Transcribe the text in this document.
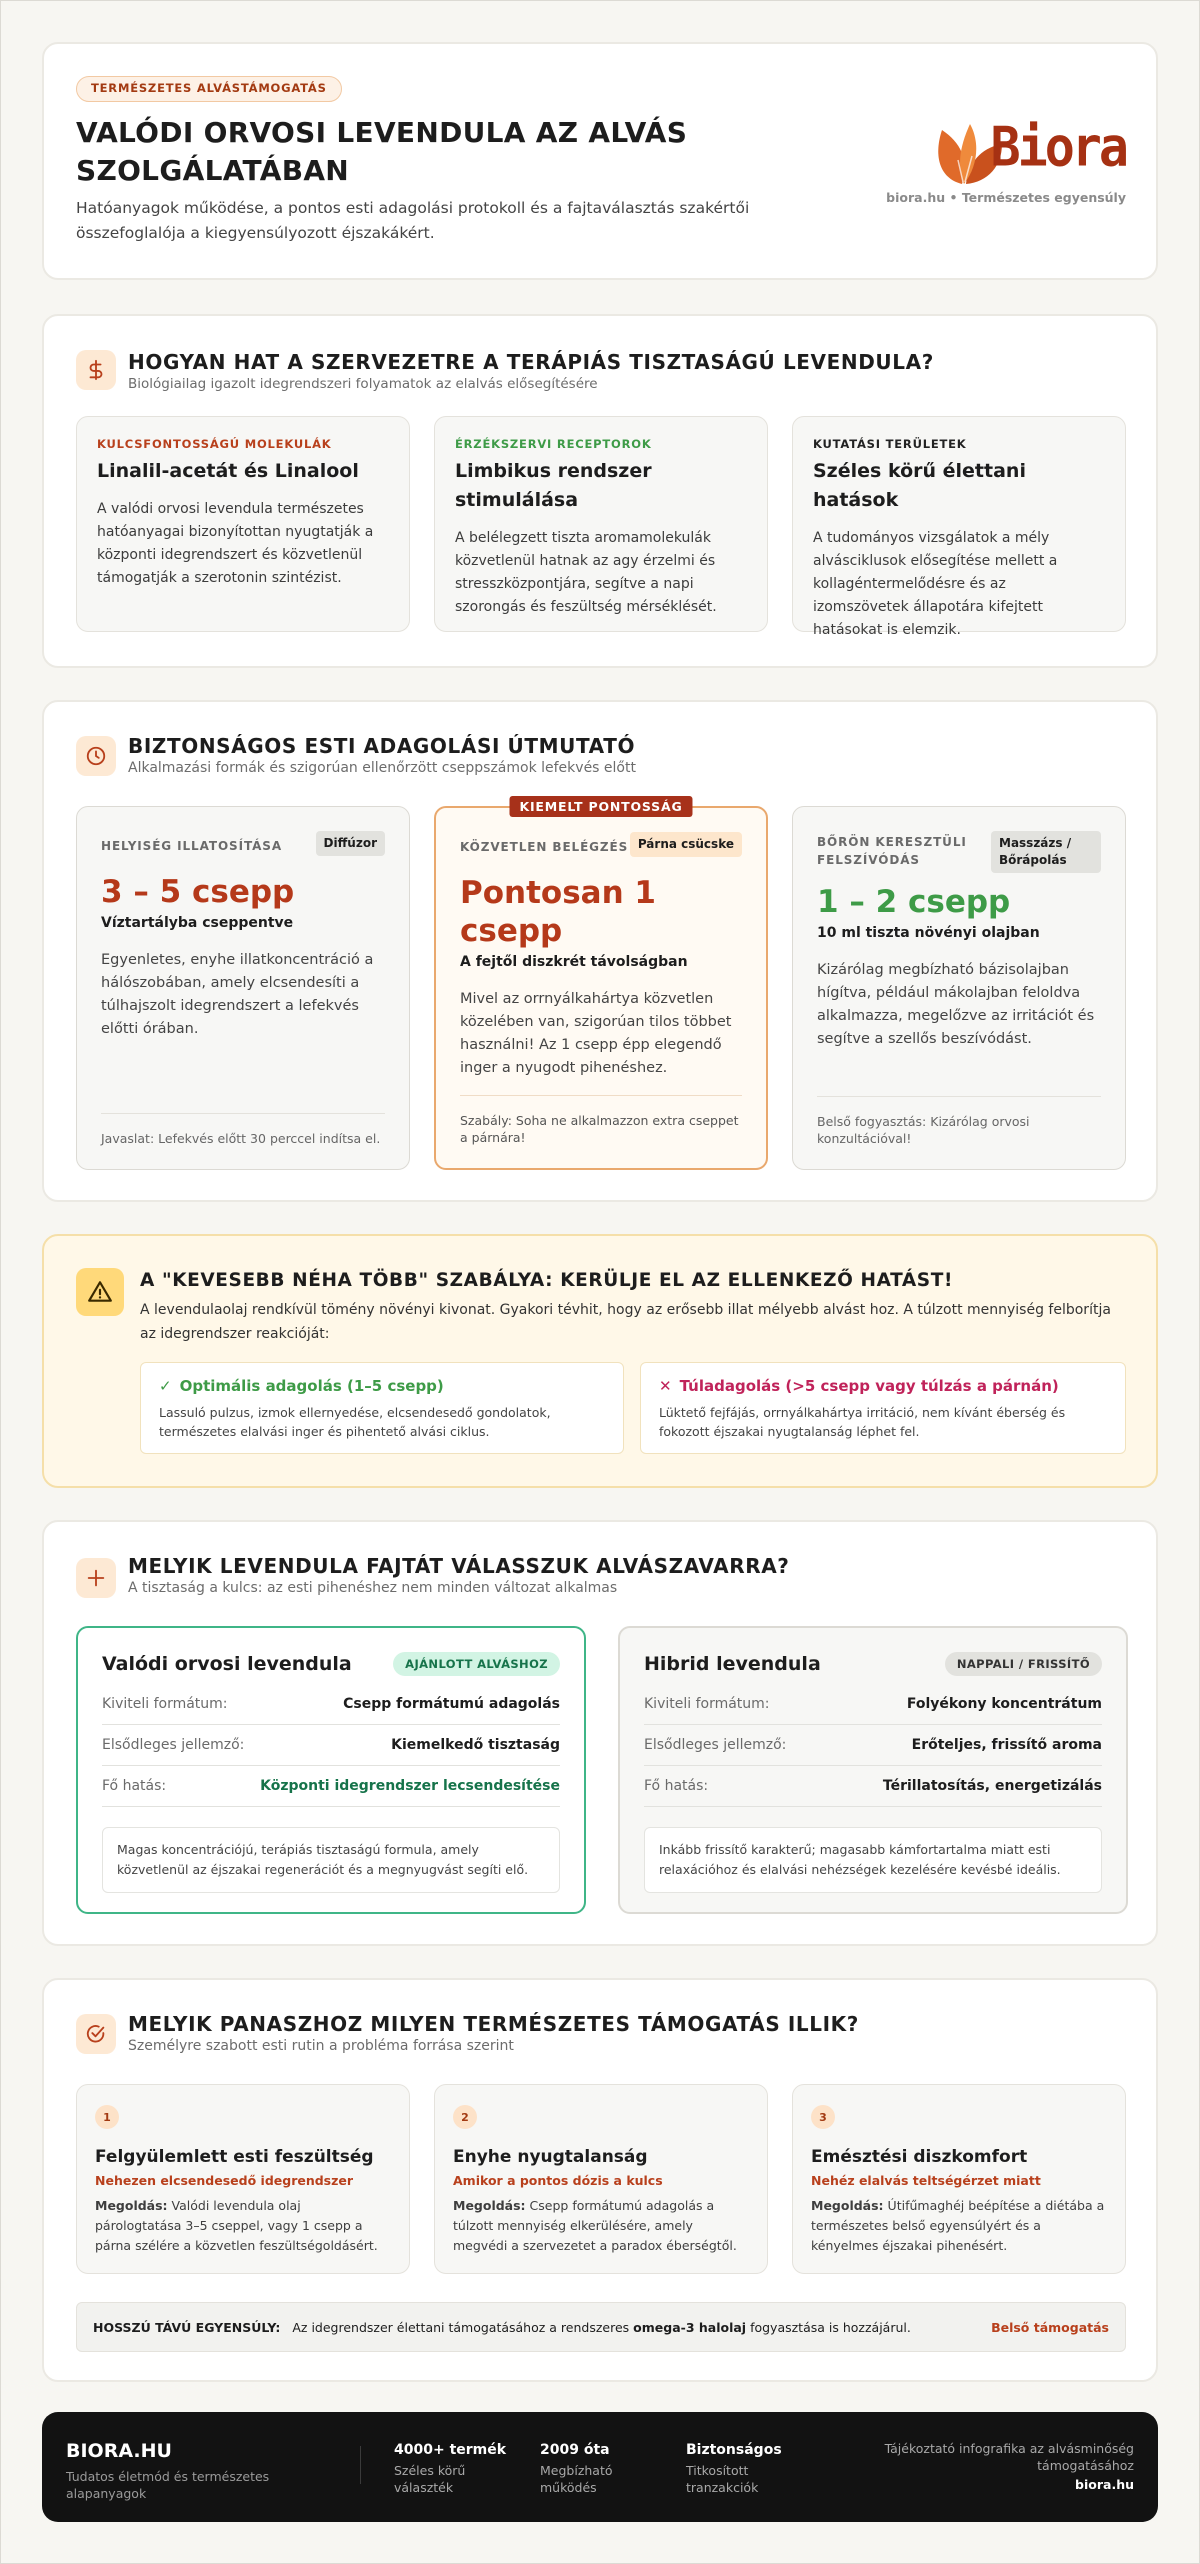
TERMÉSZETES ALVÁSTÁMOGATÁS
VALÓDI ORVOSI LEVENDULA AZ ALVÁS SZOLGÁLATÁBAN
Hatóanyagok működése, a pontos esti adagolási protokoll és a fajtaválasztás szakértői összefoglalója a kiegyensúlyozott éjszakákért.
Biora
biora.hu • Természetes egyensúly
HOGYAN HAT A SZERVEZETRE A TERÁPIÁS TISZTASÁGÚ LEVENDULA?
Biológiailag igazolt idegrendszeri folyamatok az elalvás elősegítésére
KULCSFONTOSSÁGÚ MOLEKULÁK
Linalil-acetát és Linalool
A valódi orvosi levendula természetes hatóanyagai bizonyítottan nyugtatják a központi idegrendszert és közvetlenül támogatják a szerotonin szintézist.
ÉRZÉKSZERVI RECEPTOROK
Limbikus rendszer stimulálása
A belélegzett tiszta aromamolekulák közvetlenül hatnak az agy érzelmi és stresszközpontjára, segítve a napi szorongás és feszültség mérséklését.
KUTATÁSI TERÜLETEK
Széles körű élettani hatások
A tudományos vizsgálatok a mély alvásciklusok elősegítése mellett a kollagéntermelődésre és az izomszövetek állapotára kifejtett hatásokat is elemzik.
BIZTONSÁGOS ESTI ADAGOLÁSI ÚTMUTATÓ
Alkalmazási formák és szigorúan ellenőrzött cseppszámok lefekvés előtt
HELYISÉG ILLATOSÍTÁSA	Diffúzor
3 – 5 csepp
Víztartályba cseppentve
Egyenletes, enyhe illatkoncentráció a hálószobában, amely elcsendesíti a túlhajszolt idegrendszert a lefekvés előtti órában.
Javaslat: Lefekvés előtt 30 perccel indítsa el.
KIEMELT PONTOSSÁG
KÖZVETLEN BELÉGZÉS Párna csücske
Pontosan 1 csepp
A fejtől diszkrét távolságban
Mivel az orrnyálkahártya közvetlen közelében van, szigorúan tilos többet használni! Az 1 csepp épp elegendő inger a nyugodt pihenéshez.
Szabály: Soha ne alkalmazzon extra cseppet a párnára!
BŐRÖN KERESZTÜLI FELSZÍVÓDÁS
Masszázs / Bőrápolás
1 – 2 csepp
10 ml tiszta növényi olajban
Kizárólag megbízható bázisolajban hígítva, például mákolajban feloldva alkalmazza, megelőzve az irritációt és segítve a szellős beszívódást.
Belső fogyasztás: Kizárólag orvosi konzultációval!
A "KEVESEBB NÉHA TÖBB" SZABÁLYA: KERÜLJE EL AZ ELLENKEZŐ HATÁST!
A levendulaolaj rendkívül tömény növényi kivonat. Gyakori tévhit, hogy az erősebb illat mélyebb alvást hoz. A túlzott mennyiség felborítja az idegrendszer reakcióját:
✓ Optimális adagolás (1–5 csepp)
Lassuló pulzus, izmok ellernyedése, elcsendesedő gondolatok, természetes elalvási inger és pihentető alvási ciklus.
✕ Túladagolás (>5 csepp vagy túlzás a párnán)
Lüktető fejfájás, orrnyálkahártya irritáció, nem kívánt éberség és fokozott éjszakai nyugtalanság léphet fel.
MELYIK LEVENDULA FAJTÁT VÁLASSZUK ALVÁSZAVARRA?
A tisztaság a kulcs: az esti pihenéshez nem minden változat alkalmas
Valódi orvosi levendula	AJÁNLOTT ALVÁSHOZ
Kiviteli formátum:	Csepp formátumú adagolás
Elsődleges jellemző:	Kiemelkedő tisztaság
Fő hatás:	Központi idegrendszer lecsendesítése
Magas koncentrációjú, terápiás tisztaságú formula, amely közvetlenül az éjszakai regenerációt és a megnyugvást segíti elő.
Hibrid levendula	NAPPALI / FRISSÍTŐ
Kiviteli formátum:	Folyékony koncentrátum
Elsődleges jellemző:	Erőteljes, frissítő aroma
Fő hatás:	Térillatosítás, energetizálás
Inkább frissítő karakterű; magasabb kámfortartalma miatt esti relaxációhoz és elalvási nehézségek kezelésére kevésbé ideális.
MELYIK PANASZHOZ MILYEN TERMÉSZETES TÁMOGATÁS ILLIK?
Személyre szabott esti rutin a probléma forrása szerint
1
Felgyülemlett esti feszültség
Nehezen elcsendesedő idegrendszer
Megoldás: Valódi levendula olaj párologtatása 3–5 cseppel, vagy 1 csepp a párna szélére a közvetlen feszültségoldásért.
2
Enyhe nyugtalanság
Amikor a pontos dózis a kulcs
Megoldás: Csepp formátumú adagolás a túlzott mennyiség elkerülésére, amely megvédi a szervezetet a paradox éberségtől.
3
Emésztési diszkomfort
Nehéz elalvás teltségérzet miatt
Megoldás: Útifűmaghéj beépítése a diétába a természetes belső egyensúlyért és a kényelmes éjszakai pihenésért.
HOSSZÚ TÁVÚ EGYENSÚLY: Az idegrendszer élettani támogatásához a rendszeres omega-3 halolaj fogyasztása is hozzájárul.	Belső támogatás
BIORA.HU
Tudatos életmód és természetes alapanyagok
4000+ termék
Széles körű választék
2009 óta
Megbízható működés
Biztonságos
Titkosított tranzakciók
Tájékoztató infografika az alvásminőség támogatásához
biora.hu
